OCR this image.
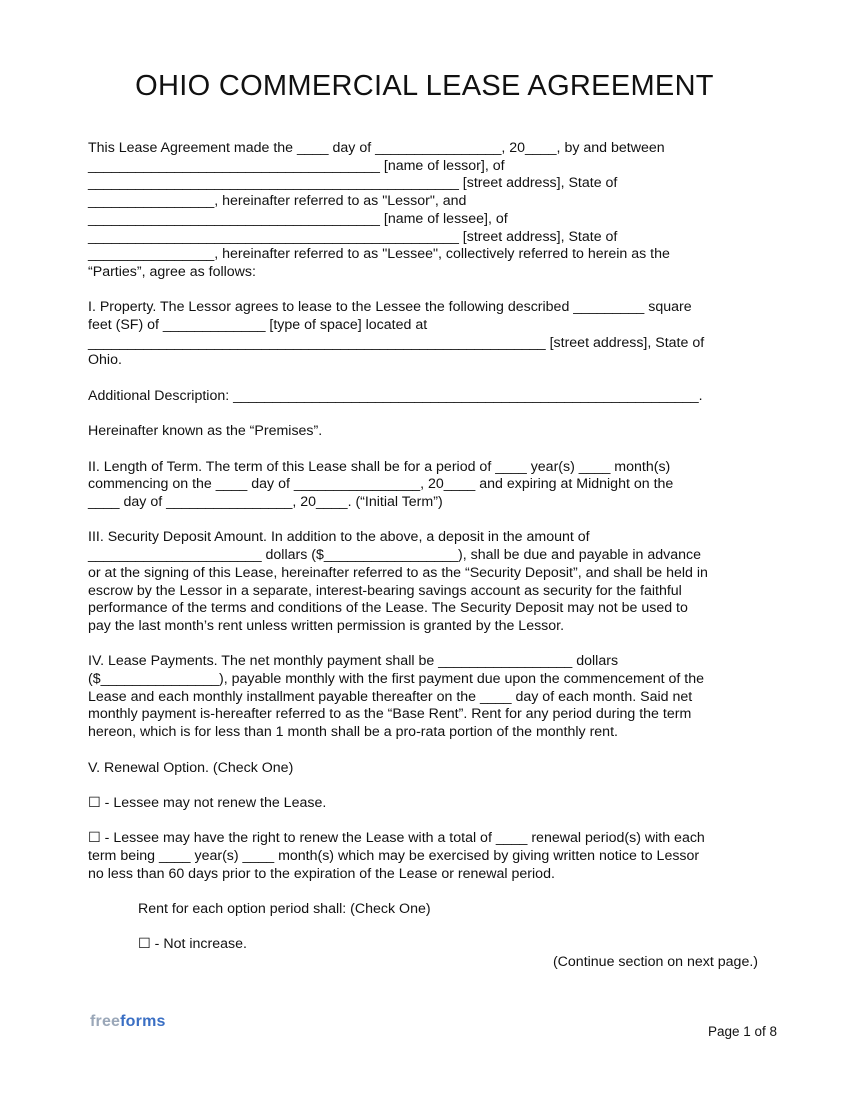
OHIO COMMERCIAL LEASE AGREEMENT

This Lease Agreement made the ____ day of ________________, 20____, by and between

_____________________________________ [name of lessor], of

_______________________________________________ [street address], State of

________________, hereinafter referred to as "Lessor", and

_____________________________________ [name of lessee], of

_______________________________________________ [street address], State of

________________, hereinafter referred to as "Lessee", collectively referred to herein as the

“Parties”, agree as follows:

I. Property. The Lessor agrees to lease to the Lessee the following described _________ square

feet (SF) of _____________ [type of space] located at

__________________________________________________________ [street address], State of

Ohio.

Additional Description: ___________________________________________________________.

Hereinafter known as the “Premises”.

II. Length of Term. The term of this Lease shall be for a period of ____ year(s) ____ month(s)

commencing on the ____ day of ________________, 20____ and expiring at Midnight on the

____ day of ________________, 20____. (“Initial Term”)

III. Security Deposit Amount. In addition to the above, a deposit in the amount of

______________________ dollars ($_________________), shall be due and payable in advance

or at the signing of this Lease, hereinafter referred to as the “Security Deposit”, and shall be held in

escrow by the Lessor in a separate, interest-bearing savings account as security for the faithful

performance of the terms and conditions of the Lease. The Security Deposit may not be used to

pay the last month’s rent unless written permission is granted by the Lessor.

IV. Lease Payments. The net monthly payment shall be _________________ dollars

($_______________), payable monthly with the first payment due upon the commencement of the

Lease and each monthly installment payable thereafter on the ____ day of each month. Said net

monthly payment is-hereafter referred to as the “Base Rent”. Rent for any period during the term

hereon, which is for less than 1 month shall be a pro-rata portion of the monthly rent.

V. Renewal Option. (Check One)

☐ - Lessee may not renew the Lease.

☐ - Lessee may have the right to renew the Lease with a total of ____ renewal period(s) with each

term being ____ year(s) ____ month(s) which may be exercised by giving written notice to Lessor

no less than 60 days prior to the expiration of the Lease or renewal period.

Rent for each option period shall: (Check One)

☐ - Not increase.

(Continue section on next page.)

freeforms
Page 1 of 8
